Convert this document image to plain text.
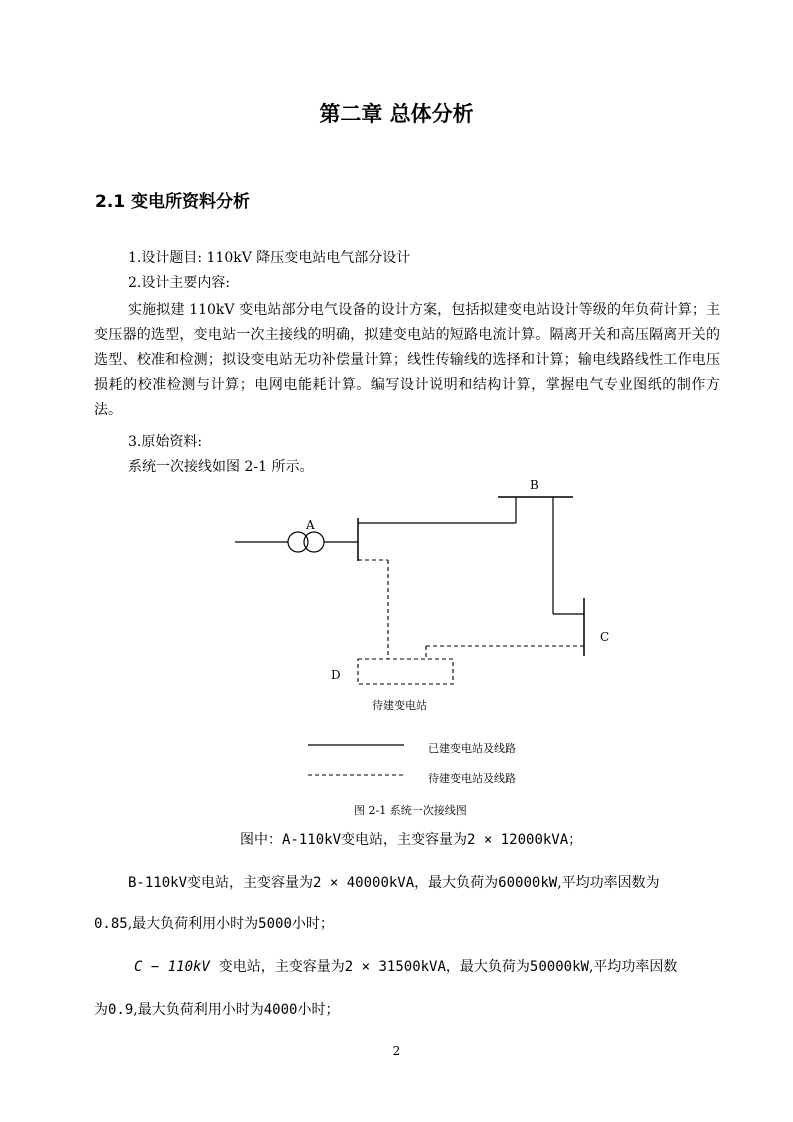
第二章 总体分析
2.1 变电所资料分析
1.设计题目: 110kV 降压变电站电气部分设计
2.设计主要内容:
实施拟建 110kV 变电站部分电气设备的设计方案，包括拟建变电站设计等级的年负荷计算；主变压器的选型，变电站一次主接线的明确，拟建变电站的短路电流计算。隔离开关和高压隔离开关的选型、校准和检测；拟设变电站无功补偿量计算；线性传输线的选择和计算；输电线路线性工作电压损耗的校准检测与计算；电网电能耗计算。编写设计说明和结构计算，掌握电气专业图纸的制作方法。
3.原始资料:
系统一次接线如图 2-1 所示。
A
B
C
D
待建变电站
已建变电站及线路
待建变电站及线路
图 2-1 系统一次接线图
图中：A-110kV变电站，主变容量为2 × 12000kVA；
B-110kV变电站，主变容量为2 × 40000kVA，最大负荷为60000kW,平均功率因数为
0.85,最大负荷利用小时为5000小时；
C − 110kV 变电站，主变容量为2 × 31500kVA，最大负荷为50000kW,平均功率因数
为0.9,最大负荷利用小时为4000小时；
2
